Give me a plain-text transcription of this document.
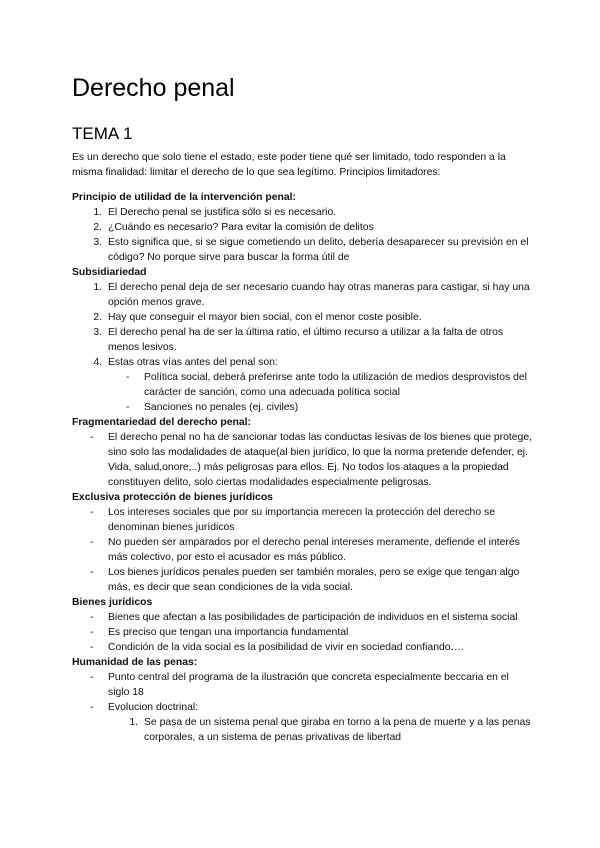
Derecho penal
TEMA 1

Es un derecho que solo tiene el estado, este poder tiene qué ser limitado, todo responden a la misma finalidad: limitar el derecho de lo que sea legítimo. Principios limitadores:

Principio de utilidad de la intervención penal:
1. El Derecho penal se justifica sólo si es necesario.
2. ¿Cuándo es necesario? Para evitar la comisión de delitos
3. Esto significa que, si se sigue cometiendo un delito, debería desaparecer su previsión en el código? No porque sirve para buscar la forma útil de
Subsidiariedad
1. El derecho penal deja de ser necesario cuando hay otras maneras para castigar, si hay una opción menos grave.
2. Hay que conseguir el mayor bien social, con el menor coste posible.
3. El derecho penal ha de ser la última ratio, el último recurso a utilizar a la falta de otros menos lesivos.
4. Estas otras vías antes del penal son:
- Política social, deberá preferirse ante todo la utilización de medios desprovistos del carácter de sanción, como una adecuada política social
- Sanciones no penales (ej. civiles)
Fragmentariedad del derecho penal:
- El derecho penal no ha de sancionar todas las conductas lesivas de los bienes que protege, sino solo las modalidades de ataque(al bien jurídico, lo que la norma pretende defender, ej. Vida, salud,onore,..) más peligrosas para ellos. Ej. No todos los ataques a la propiedad constituyen delito, solo ciertas modalidades especialmente peligrosas.
Exclusiva protección de bienes jurídicos
- Los intereses sociales que por su importancia merecen la protección del derecho se denominan bienes jurídicos
- No pueden ser amparados por el derecho penal intereses meramente, defiende el interés más colectivo, por esto el acusador es más público.
- Los bienes jurídicos penales pueden ser también morales, pero se exige que tengan algo más, es decir que sean condiciones de la vida social.
Bienes jurídicos
- Bienes que afectan a las posibilidades de participación de individuos en el sistema social
- Es preciso que tengan una importancia fundamental
- Condición de la vida social es la posibilidad de vivir en sociedad confiando….
Humanidad de las penas:
- Punto central del programa de la ilustración que concreta especialmente beccaria en el siglo 18
- Evolucion doctrinal:
1. Se pasa de un sistema penal que giraba en torno a la pena de muerte y a las penas corporales, a un sistema de penas privativas de libertad
